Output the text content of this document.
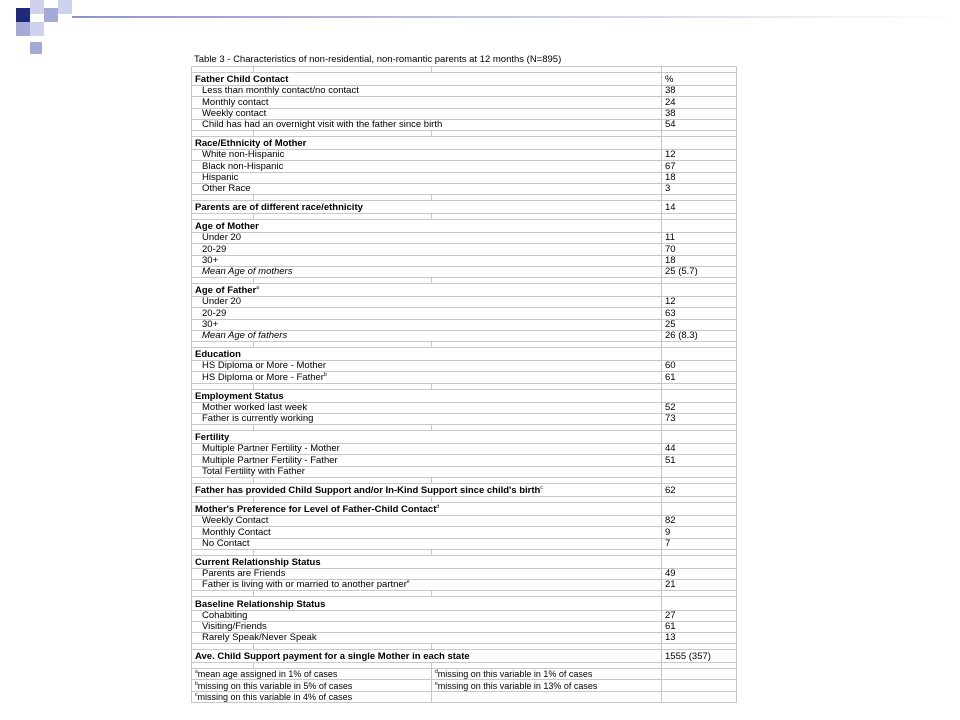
Table 3 - Characteristics of non-residential, non-romantic parents at 12 months (N=895)

Father Child Contact			%
Less than monthly contact/no contact			38
Monthly contact			24
Weekly contact			38
Child has had an overnight visit with the father since birth			54

Race/Ethnicity of Mother			
White non-Hispanic			12
Black non-Hispanic			67
Hispanic			18
Other Race			3

Parents are of different race/ethnicity			14

Age of Mother			
Under 20			11
20-29			70
30+			18
Mean Age of mothers			25 (5.7)

Age of Father$^a$	
Under 20			12
20-29			63
30+			25
Mean Age of fathers			26 (8.3)

Education			
HS Diploma or More - Mother			60
HS Diploma or More - Father$^b$			61

Employment Status			
Mother worked last week			52
Father is currently working			73

Fertility			
Multiple Partner Fertility - Mother			44
Multiple Partner Fertility - Father			51
Total Fertility with Father			

Father has provided Child Support and/or In-Kind Support since child's birth$^c$			62

Mother's Preference for Level of Father-Child Contact$^d$	
Weekly Contact			82
Monthly Contact			9
No Contact			7

Current Relationship Status			
Parents are Friends			49
Father is living with or married to another partner$^e$			21

Baseline Relationship Status			
Cohabiting			27
Visiting/Friends			61
Rarely Speak/Never Speak			13

Ave. Child Support payment for a single Mother in each state			1555 (357)

$^a$mean age assigned in 1% of cases		$^d$missing on this variable in 1% of cases	
$^b$missing on this variable in 5% of cases		$^e$missing on this variable in 13% of cases	
$^c$missing on this variable in 4% of cases			
